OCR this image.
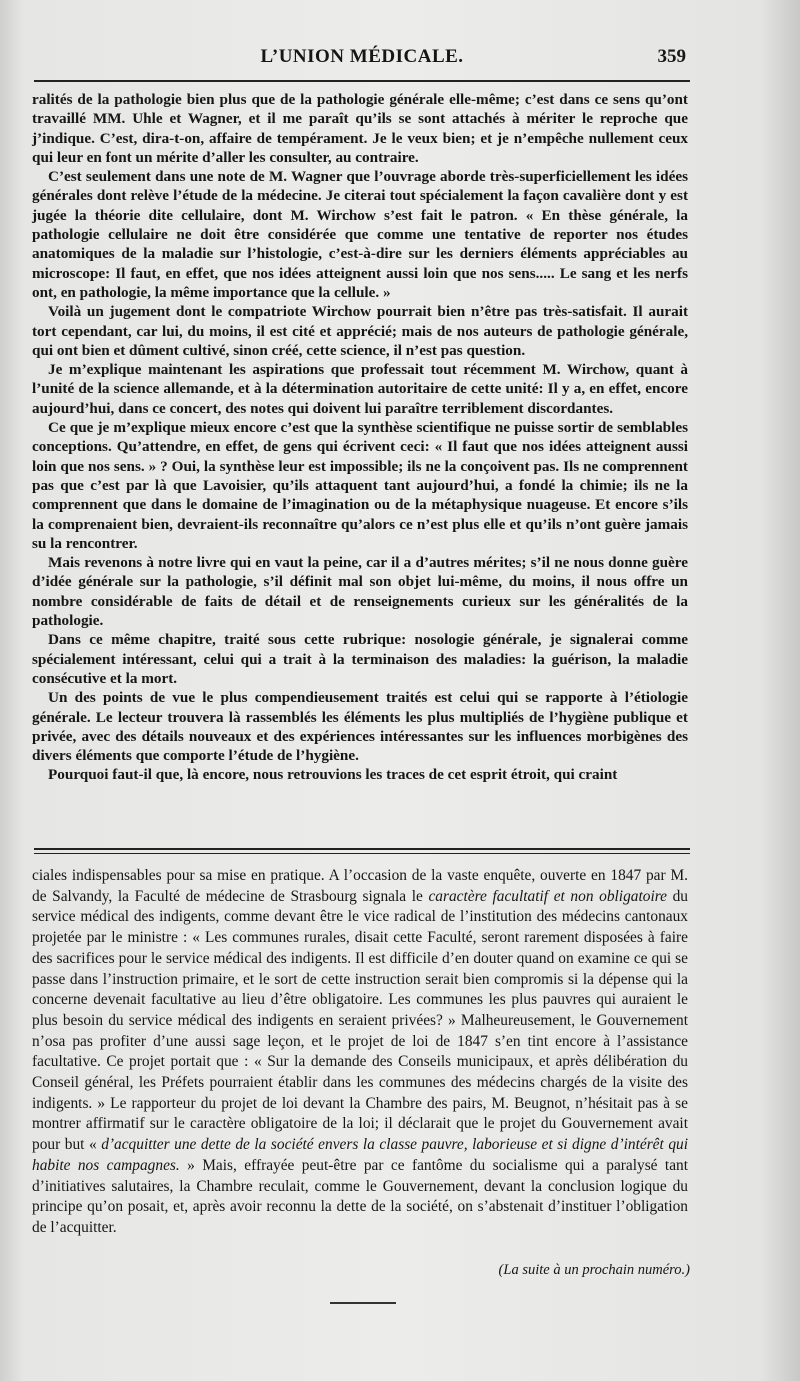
L’UNION MÉDICALE.	359

ralités de la pathologie bien plus que de la pathologie générale elle-même; c’est dans ce sens qu’ont travaillé MM. Uhle et Wagner, et il me paraît qu’ils se sont attachés à mériter le reproche que j’indique. C’est, dira-t-on, affaire de tempérament. Je le veux bien; et je n’empêche nullement ceux qui leur en font un mérite d’aller les consulter, au contraire.

C’est seulement dans une note de M. Wagner que l’ouvrage aborde très-superficiellement les idées générales dont relève l’étude de la médecine. Je citerai tout spécialement la façon cavalière dont y est jugée la théorie dite cellulaire, dont M. Wirchow s’est fait le patron. « En thèse générale, la pathologie cellulaire ne doit être considérée que comme une tentative de reporter nos études anatomiques de la maladie sur l’histologie, c’est-à-dire sur les derniers éléments appréciables au microscope: Il faut, en effet, que nos idées atteignent aussi loin que nos sens..... Le sang et les nerfs ont, en pathologie, la même importance que la cellule. »

Voilà un jugement dont le compatriote Wirchow pourrait bien n’être pas très-satisfait. Il aurait tort cependant, car lui, du moins, il est cité et apprécié; mais de nos auteurs de pathologie générale, qui ont bien et dûment cultivé, sinon créé, cette science, il n’est pas question.

Je m’explique maintenant les aspirations que professait tout récemment M. Wirchow, quant à l’unité de la science allemande, et à la détermination autoritaire de cette unité: Il y a, en effet, encore aujourd’hui, dans ce concert, des notes qui doivent lui paraître terriblement discordantes.

Ce que je m’explique mieux encore c’est que la synthèse scientifique ne puisse sortir de semblables conceptions. Qu’attendre, en effet, de gens qui écrivent ceci: « Il faut que nos idées atteignent aussi loin que nos sens. » ? Oui, la synthèse leur est impossible; ils ne la conçoivent pas. Ils ne comprennent pas que c’est par là que Lavoisier, qu’ils attaquent tant aujourd’hui, a fondé la chimie; ils ne la comprennent que dans le domaine de l’imagination ou de la métaphysique nuageuse. Et encore s’ils la comprenaient bien, devraient-ils reconnaître qu’alors ce n’est plus elle et qu’ils n’ont guère jamais su la rencontrer.

Mais revenons à notre livre qui en vaut la peine, car il a d’autres mérites; s’il ne nous donne guère d’idée générale sur la pathologie, s’il définit mal son objet lui-même, du moins, il nous offre un nombre considérable de faits de détail et de renseignements curieux sur les généralités de la pathologie.

Dans ce même chapitre, traité sous cette rubrique: nosologie générale, je signalerai comme spécialement intéressant, celui qui a trait à la terminaison des maladies: la guérison, la maladie consécutive et la mort.

Un des points de vue le plus compendieusement traités est celui qui se rapporte à l’étiologie générale. Le lecteur trouvera là rassemblés les éléments les plus multipliés de l’hygiène publique et privée, avec des détails nouveaux et des expériences intéressantes sur les influences morbigènes des divers éléments que comporte l’étude de l’hygiène.

Pourquoi faut-il que, là encore, nous retrouvions les traces de cet esprit étroit, qui craint

ciales indispensables pour sa mise en pratique. A l’occasion de la vaste enquête, ouverte en 1847 par M. de Salvandy, la Faculté de médecine de Strasbourg signala le caractère facultatif et non obligatoire du service médical des indigents, comme devant être le vice radical de l’institution des médecins cantonaux projetée par le ministre : « Les communes rurales, disait cette Faculté, seront rarement disposées à faire des sacrifices pour le service médical des indigents. Il est difficile d’en douter quand on examine ce qui se passe dans l’instruction primaire, et le sort de cette instruction serait bien compromis si la dépense qui la concerne devenait facultative au lieu d’être obligatoire. Les communes les plus pauvres qui auraient le plus besoin du service médical des indigents en seraient privées? » Malheureusement, le Gouvernement n’osa pas profiter d’une aussi sage leçon, et le projet de loi de 1847 s’en tint encore à l’assistance facultative. Ce projet portait que : « Sur la demande des Conseils municipaux, et après délibération du Conseil général, les Préfets pourraient établir dans les communes des médecins chargés de la visite des indigents. » Le rapporteur du projet de loi devant la Chambre des pairs, M. Beugnot, n’hésitait pas à se montrer affirmatif sur le caractère obligatoire de la loi; il déclarait que le projet du Gouvernement avait pour but « d’acquitter une dette de la société envers la classe pauvre, laborieuse et si digne d’intérêt qui habite nos campagnes. » Mais, effrayée peut-être par ce fantôme du socialisme qui a paralysé tant d’initiatives salutaires, la Chambre reculait, comme le Gouvernement, devant la conclusion logique du principe qu’on posait, et, après avoir reconnu la dette de la société, on s’abstenait d’instituer l’obligation de l’acquitter.

(La suite à un prochain numéro.)
